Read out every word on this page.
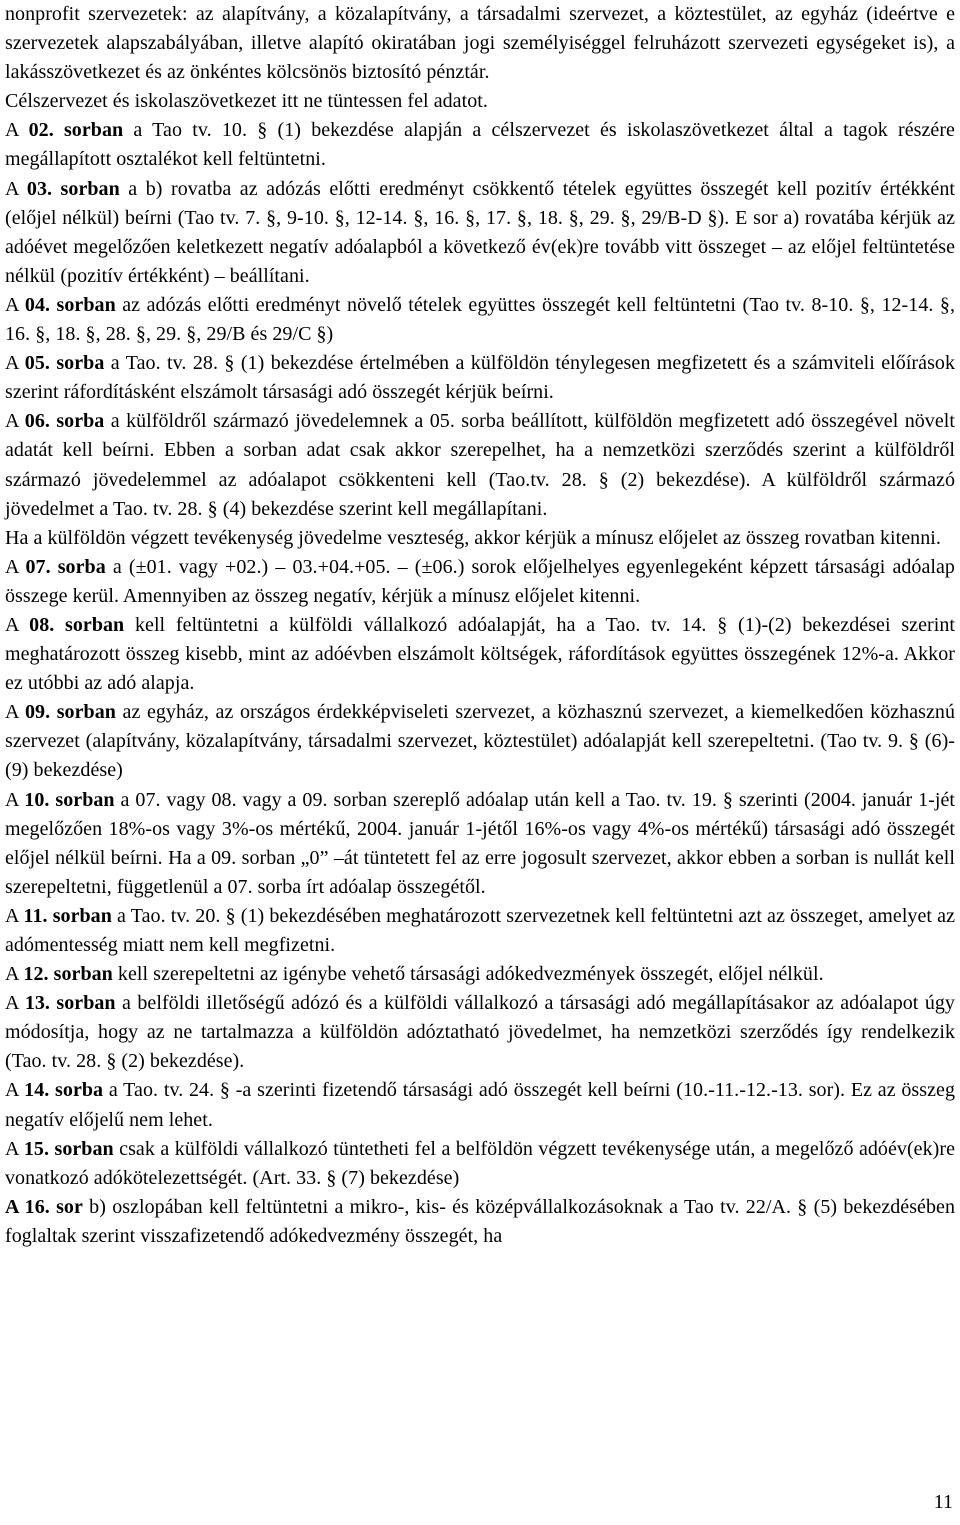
nonprofit szervezetek: az alapítvány, a közalapítvány, a társadalmi szervezet, a köztestület, az egyház (ideértve e szervezetek alapszabályában, illetve alapító okiratában jogi személyiséggel felruházott szervezeti egységeket is), a lakásszövetkezet és az önkéntes kölcsönös biztosító pénztár.

Célszervezet és iskolaszövetkezet itt ne tüntessen fel adatot.

A 02. sorban a Tao tv. 10. § (1) bekezdése alapján a célszervezet és iskolaszövetkezet által a tagok részére megállapított osztalékot kell feltüntetni.

A 03. sorban a b) rovatba az adózás előtti eredményt csökkentő tételek együttes összegét kell pozitív értékként (előjel nélkül) beírni (Tao tv. 7. §, 9-10. §, 12-14. §, 16. §, 17. §, 18. §, 29. §, 29/B-D §). E sor a) rovatába kérjük az adóévet megelőzően keletkezett negatív adóalapból a következő év(ek)re tovább vitt összeget – az előjel feltüntetése nélkül (pozitív értékként) – beállítani.

A 04. sorban az adózás előtti eredményt növelő tételek együttes összegét kell feltüntetni (Tao tv. 8-10. §, 12-14. §, 16. §, 18. §, 28. §, 29. §, 29/B és 29/C §)

A 05. sorba a Tao. tv. 28. § (1) bekezdése értelmében a külföldön ténylegesen megfizetett és a számviteli előírások szerint ráfordításként elszámolt társasági adó összegét kérjük beírni.

A 06. sorba a külföldről származó jövedelemnek a 05. sorba beállított, külföldön megfizetett adó összegével növelt adatát kell beírni. Ebben a sorban adat csak akkor szerepelhet, ha a nemzetközi szerződés szerint a külföldről származó jövedelemmel az adóalapot csökkenteni kell (Tao.tv. 28. § (2) bekezdése). A külföldről származó jövedelmet a Tao. tv. 28. § (4) bekezdése szerint kell megállapítani.

Ha a külföldön végzett tevékenység jövedelme veszteség, akkor kérjük a mínusz előjelet az összeg rovatban kitenni.

A 07. sorba a (±01. vagy +02.) – 03.+04.+05. – (±06.) sorok előjelhelyes egyenlegeként képzett társasági adóalap összege kerül. Amennyiben az összeg negatív, kérjük a mínusz előjelet kitenni.

A 08. sorban kell feltüntetni a külföldi vállalkozó adóalapját, ha a Tao. tv. 14. § (1)-(2) bekezdései szerint meghatározott összeg kisebb, mint az adóévben elszámolt költségek, ráfordítások együttes összegének 12%-a. Akkor ez utóbbi az adó alapja.

A 09. sorban az egyház, az országos érdekképviseleti szervezet, a közhasznú szervezet, a kiemelkedően közhasznú szervezet (alapítvány, közalapítvány, társadalmi szervezet, köztestület) adóalapját kell szerepeltetni. (Tao tv. 9. § (6)-(9) bekezdése)

A 10. sorban a 07. vagy 08. vagy a 09. sorban szereplő adóalap után kell a Tao. tv. 19. § szerinti (2004. január 1-jét megelőzően 18%-os vagy 3%-os mértékű, 2004. január 1-jétől 16%-os vagy 4%-os mértékű) társasági adó összegét előjel nélkül beírni. Ha a 09. sorban „0” –át tüntetett fel az erre jogosult szervezet, akkor ebben a sorban is nullát kell szerepeltetni, függetlenül a 07. sorba írt adóalap összegétől.

A 11. sorban a Tao. tv. 20. § (1) bekezdésében meghatározott szervezetnek kell feltüntetni azt az összeget, amelyet az adómentesség miatt nem kell megfizetni.

A 12. sorban kell szerepeltetni az igénybe vehető társasági adókedvezmények összegét, előjel nélkül.

A 13. sorban a belföldi illetőségű adózó és a külföldi vállalkozó a társasági adó megállapításakor az adóalapot úgy módosítja, hogy az ne tartalmazza a külföldön adóztatható jövedelmet, ha nemzetközi szerződés így rendelkezik (Tao. tv. 28. § (2) bekezdése).

A 14. sorba a Tao. tv. 24. § -a szerinti fizetendő társasági adó összegét kell beírni (10.-11.-12.-13. sor). Ez az összeg negatív előjelű nem lehet.

A 15. sorban csak a külföldi vállalkozó tüntetheti fel a belföldön végzett tevékenysége után, a megelőző adóév(ek)re vonatkozó adókötelezettségét. (Art. 33. § (7) bekezdése)

A 16. sor b) oszlopában kell feltüntetni a mikro-, kis- és középvállalkozásoknak a Tao tv. 22/A. § (5) bekezdésében foglaltak szerint visszafizetendő adókedvezmény összegét, ha

11
